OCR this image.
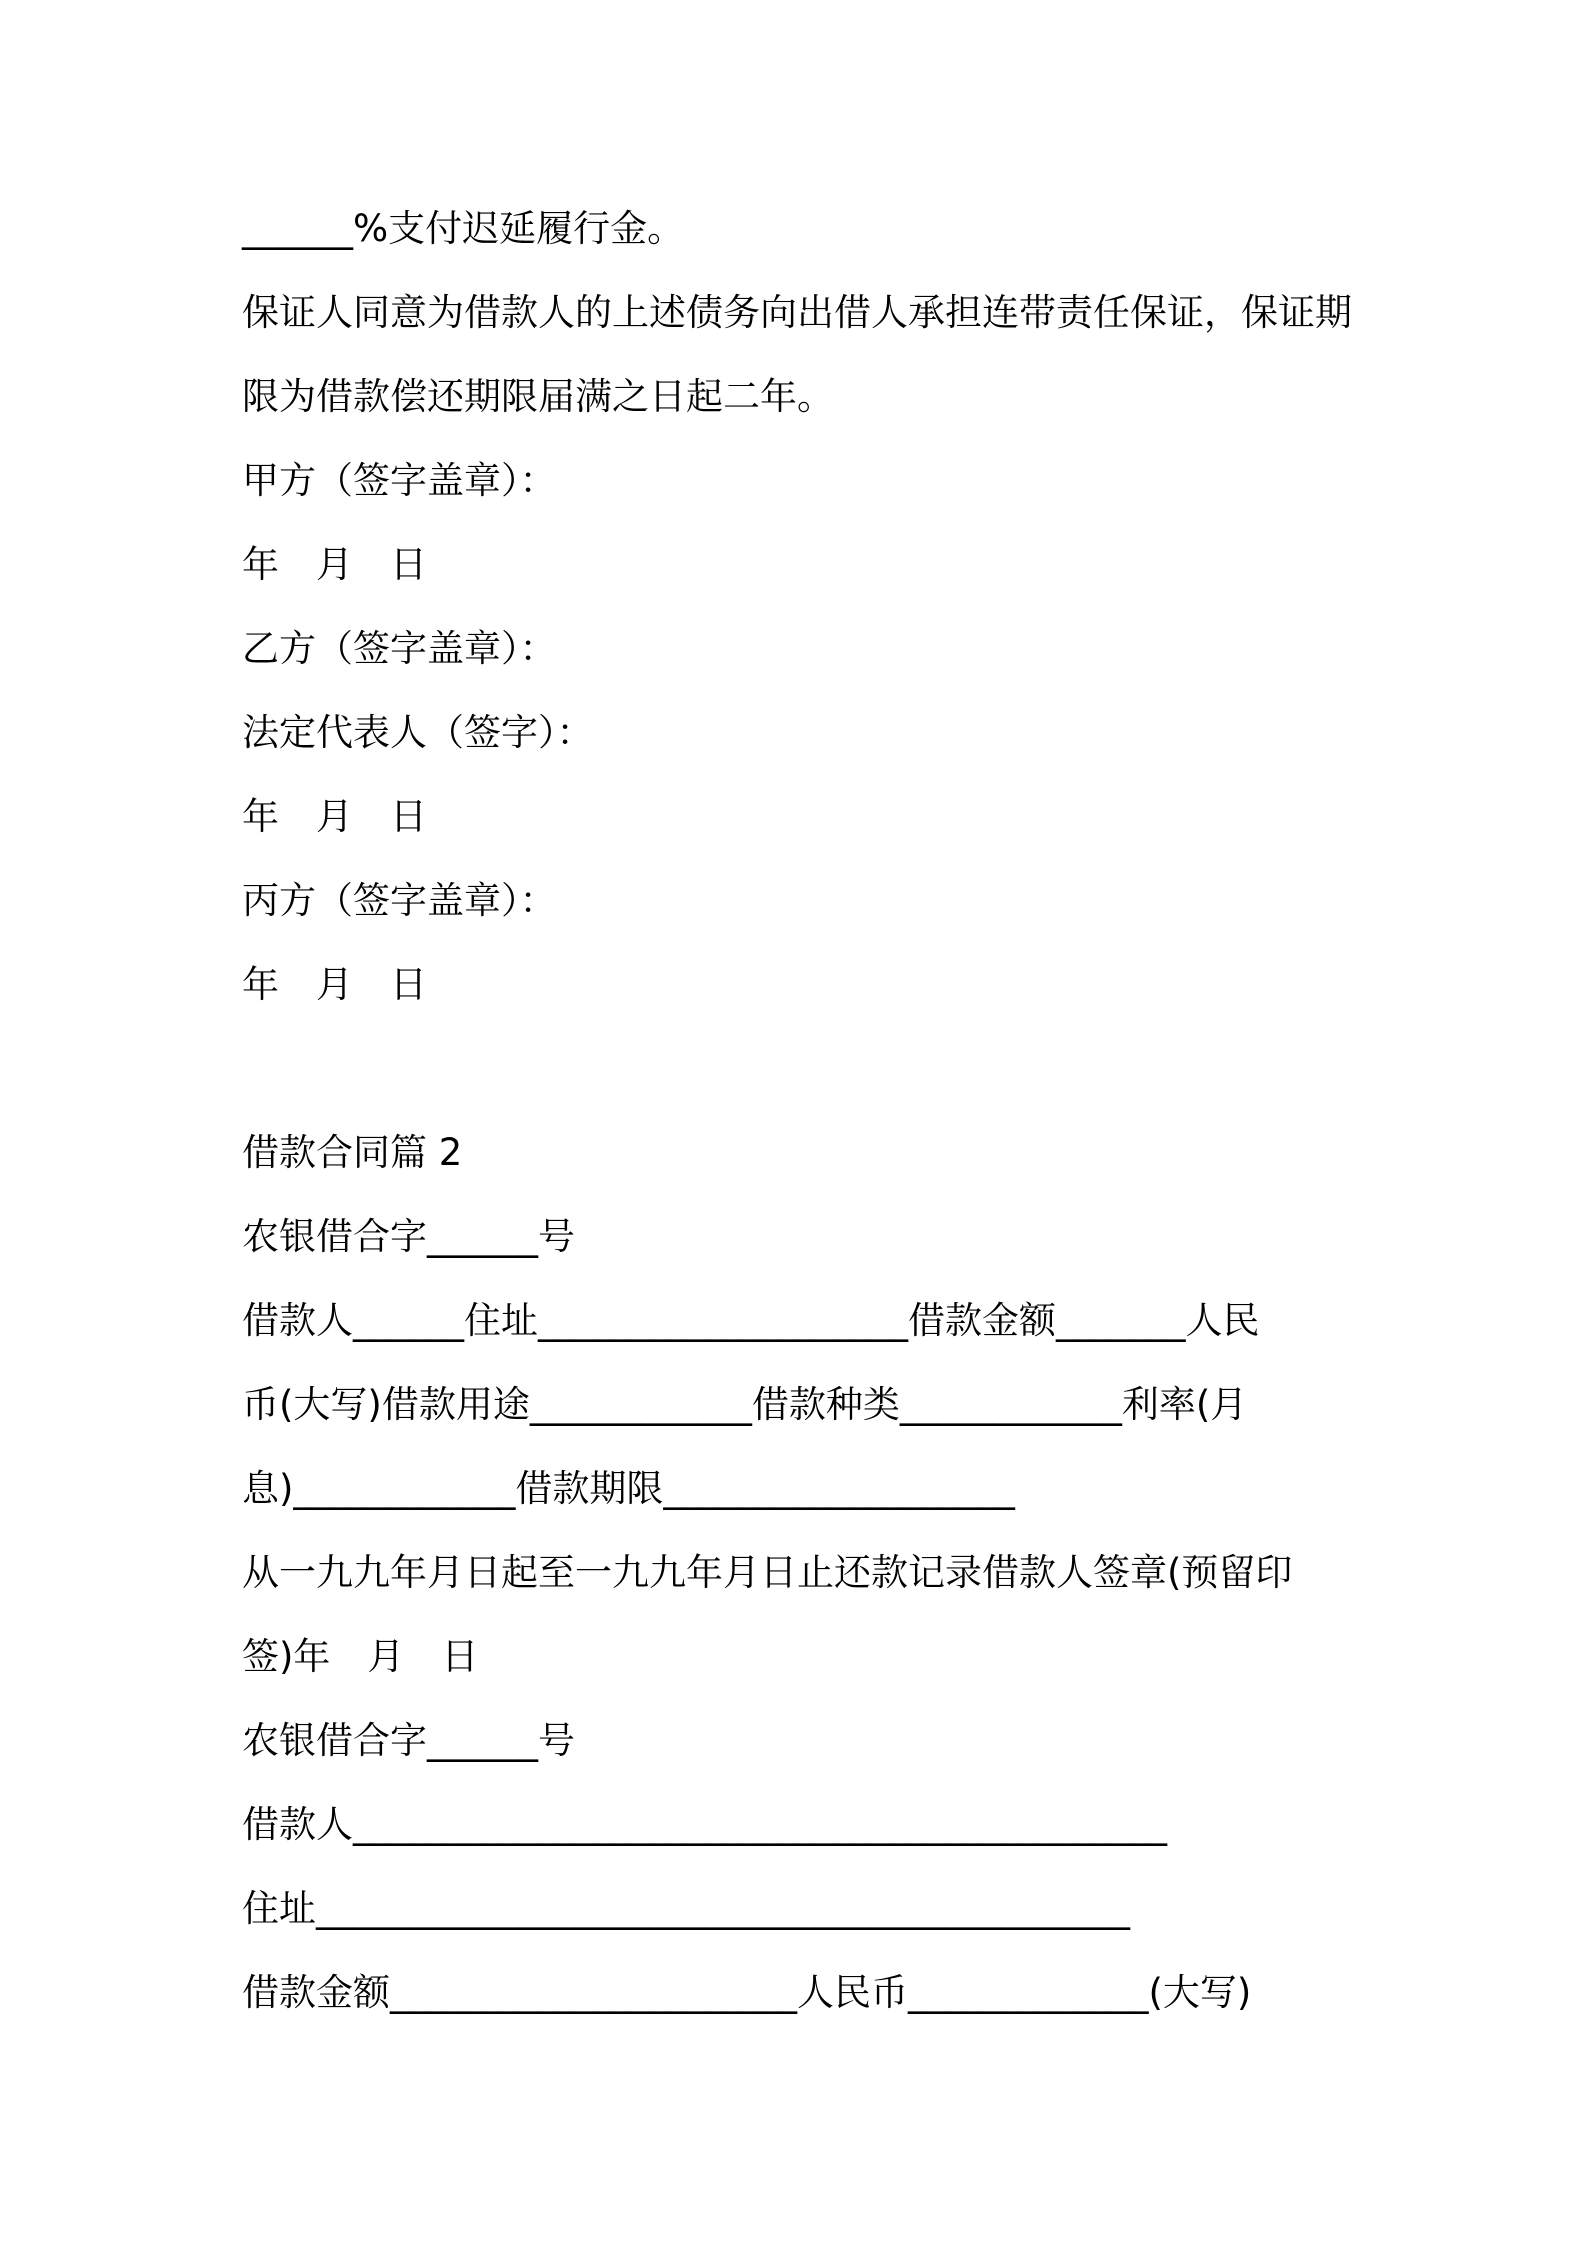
______%支付迟延履行金。
保证人同意为借款人的上述债务向出借人承担连带责任保证，保证期
限为借款偿还期限届满之日起二年。
甲方（签字盖章）：
年　月　日
乙方（签字盖章）：
法定代表人（签字）：
年　月　日
丙方（签字盖章）：
年　月　日
借款合同篇 2
农银借合字______号
借款人______住址____________________借款金额_______人民
币(大写)借款用途____________借款种类____________利率(月
息)____________借款期限___________________
从一九九年月日起至一九九年月日止还款记录借款人签章(预留印
签)年　月　日
农银借合字______号
借款人____________________________________________
住址____________________________________________
借款金额______________________人民币_____________(大写)
